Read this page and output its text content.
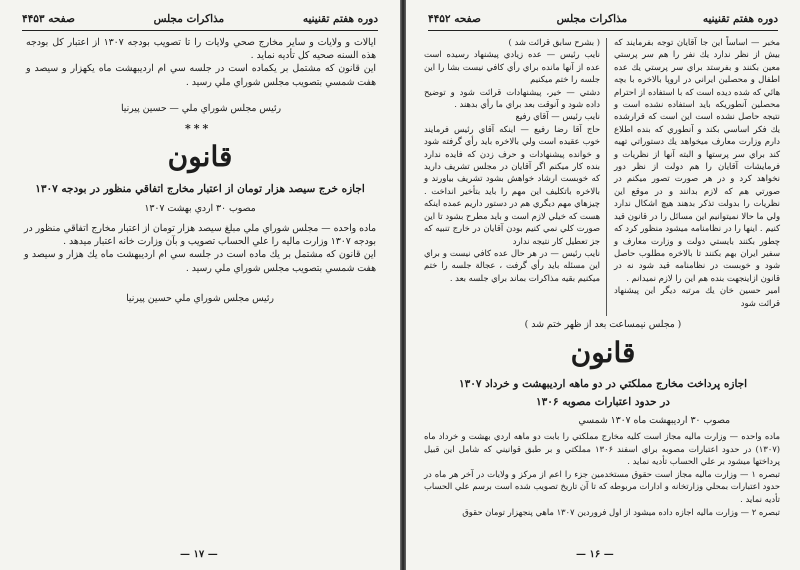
دوره هفتم تقنينيه
مذاكرات مجلس
صفحه ۴۴۵۳

ايالات و ولايات و ساير مخارج صحي ولايات را تا تصويب بودجه ۱۳۰۷ از اعتبار كل بودجه هذه السنه صحيه كل تأديه نمايد .
اين قانون كه مشتمل بر يكماده است در جلسه سي ام ارديبهشت ماه يكهزار و سيصد و هفت شمسي بتصويب مجلس شوراي ملي رسيد .

رئيس مجلس شوراي ملي — حسين پيرنيا

***
قانون

اجازه خرج سيصد هزار تومان از اعتبار مخارج اتفاقي منظور در بودجه ۱۳۰۷

مصوب ۳۰ اردي بهشت ۱۳۰۷

ماده واحده — مجلس شوراي ملي مبلغ سيصد هزار تومان از اعتبار مخارج اتفاقي منظور در بودجه ۱۳۰۷ وزارت ماليه را علي الحساب تصويب و بآن وزارت خانه اعتبار ميدهد .
اين قانون كه مشتمل بر يك ماده است در جلسه سي ام ارديبهشت ماه يك هزار و سيصد و هفت شمسي بتصويب مجلس شوراي ملي رسيد .

رئيس مجلس شوراي ملي حسين پيرنيا

— ۱۷ —
دوره هفتم تقنينيه
مذاكرات مجلس
صفحه ۴۴۵۲

مخبر — اساساً اين جا آقايان توجه بفرمايند كه بيش از نظر ندارد يك نفر را هم سر پرستي معين بكنند و بفرستد براي سر پرستي يك عده اطفال و محصلين ايراني در اروپا بالاخره با بچه هائي كه شده ديده است كه با استفاده از احترام محصلين آنطوريكه بايد استفاده نشده است و نتيجه حاصل نشده است اين است كه قرارشده يك فكر اساسي بكند و آنطوري كه بنده اطلاع دارم وزارت معارف ميخواهد يك دستوراتي تهيه كند براي سر پرستها و البته آنها از نظريات و فرمايشات آقايان را هم دولت از نظر دور نخواهد كرد و در هر صورت تصور ميكنم در صورتي هم كه لازم بدانند و در موقع اين نظريات را بدولت تذكر بدهند هيچ اشكال ندارد ولي ما حالا نميتوانيم اين مسائل را در قانون قيد كنيم . اينها را در نظامنامه ميشود منظور كرد كه چطور بكنند بايستي دولت و وزارت معارف و سفير ايران بهم بكنند تا بالاخره مطلوب حاصل شود و خوبست در نظامنامه قيد شود نه در قانون ازاينجهت بنده هم اين را لازم نميدانم .
امير حسين خان يك مرتبه ديگر اين پيشنهاد قرائت شود

( بشرح سابق قرائت شد )
نايب رئيس — عده زيادي پيشنهاد رسيده است عده از آنها مانده براي رأي كافي نيست بشا را اين جلسه را ختم ميكنيم
دشتي — خير، پيشنهادات قرائت شود و توضيح داده شود و آنوقت بعد براي ما رأي بدهند .
نايب رئيس — آقاي رفيع
حاج آقا رضا رفيع — اينكه آقاي رئيس فرمايند خوب عقيده است ولي بالاخره بايد رأي گرفته شود و خوانده پيشنهادات و حرف زدن كه فايده ندارد بنده كار ميكنم اگر آقايان در مجلس تشريف داريد كه خوبست ارشاد خواهش بشود تشريف بياورند و بالاخره باتكليف اين مهم را بايد بتأخير انداخت . چيزهاي مهم ديگري هم در دستور داريم عمده اينكه هست كه خيلي لازم است و بايد مطرح بشود تا اين صورت كلي نمي كنيم بودن آقايان در خارج تنبيه كه جز تعطيل كار نتيجه ندارد
نايب رئيس — در هر حال عده كافي نيست و براي اين مسئله بايد رأي گرفت ، عجالة جلسه را ختم ميكنيم بقيه مذاكرات بماند براي جلسه بعد .

( مجلس نيمساعت بعد از ظهر ختم شد )

قانون

اجازه پرداخت مخارج مملكتي در دو ماهه ارديبهشت و خرداد ۱۳۰۷

در حدود اعتبارات مصوبه ۱۳۰۶

مصوب ۳۰ ارديبهشت ماه ۱۳۰۷ شمسي

ماده واحده — وزارت ماليه مجاز است كليه مخارج مملكتي را بابت دو ماهه اردي بهشت و خرداد ماه (۱۳۰۷) در حدود اعتبارات مصوبه براي اسفند ۱۳۰۶ مملكتي و بر طبق قوانيني كه شامل اين قبيل پرداختها ميشود بر علي الحساب تأديه نمايد .
تبصره ۱ — وزارت ماليه مجاز است حقوق مستخدمين جزء را اعم از مركز و ولايات در آخر هر ماه در حدود اعتبارات بمحلي وزارتخانه و ادارات مربوطه كه تا آن تاريخ تصويب شده است برسم علي الحساب تأديه نمايد .
تبصره ۲ — وزارت ماليه اجازه داده ميشود از اول فروردين ۱۳۰۷ ماهي پنجهزار تومان حقوق

— ۱۶ —
